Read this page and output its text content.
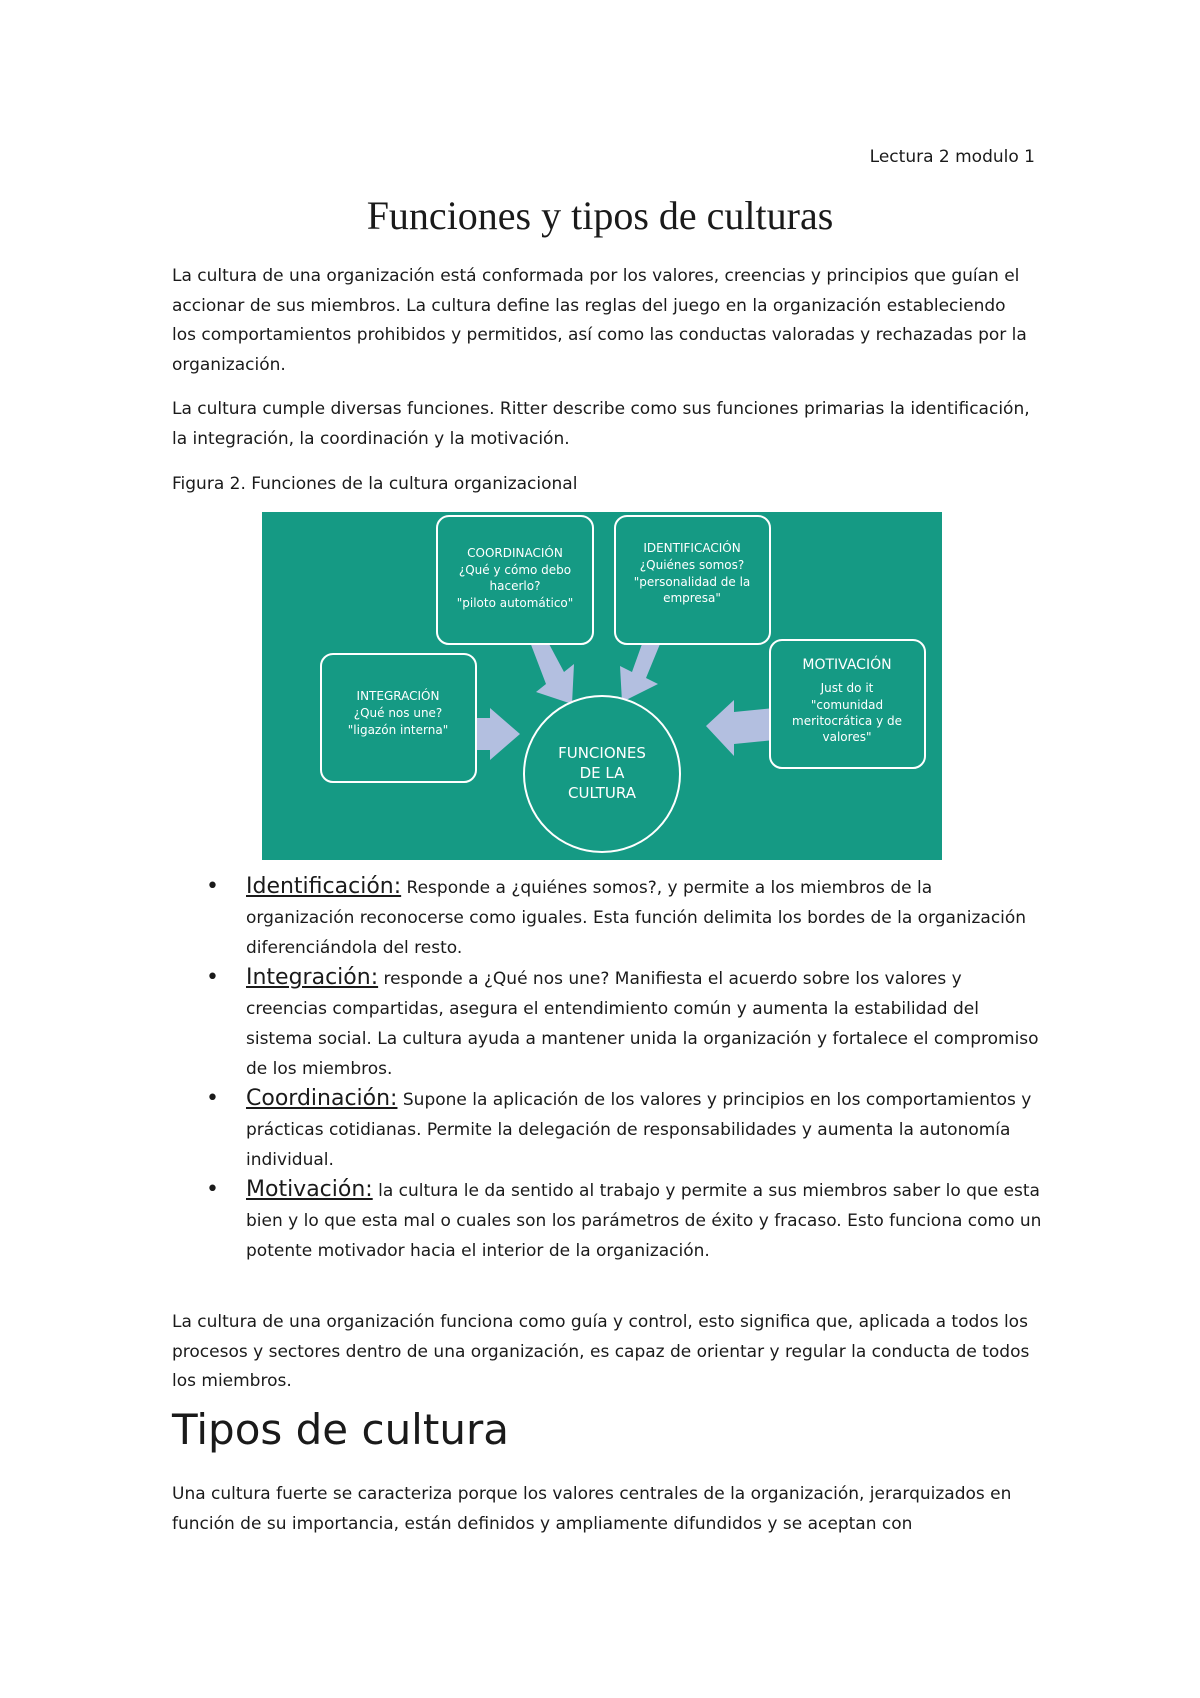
Lectura 2 modulo 1
Funciones y tipos de culturas

La cultura de una organización está conformada por los valores, creencias y principios que guían el accionar de sus miembros. La cultura define las reglas del juego en la organización estableciendo los comportamientos prohibidos y permitidos, así como las conductas valoradas y rechazadas por la organización.

La cultura cumple diversas funciones. Ritter describe como sus funciones primarias la identificación, la integración, la coordinación y la motivación.

Figura 2. Funciones de la cultura organizacional

COORDINACIÓN
¿Qué y cómo debo
hacerlo?
"piloto automático"
IDENTIFICACIÓN
¿Quiénes somos?
"personalidad de la
empresa"
INTEGRACIÓN
¿Qué nos une?
"ligazón interna"
MOTIVACIÓN
Just do it
"comunidad
meritocrática y de
valores"
FUNCIONES
DE LA
CULTURA
• Identificación: Responde a ¿quiénes somos?, y permite a los miembros de la organización reconocerse como iguales. Esta función delimita los bordes de la organización diferenciándola del resto.
• Integración: responde a ¿Qué nos une? Manifiesta el acuerdo sobre los valores y creencias compartidas, asegura el entendimiento común y aumenta la estabilidad del sistema social. La cultura ayuda a mantener unida la organización y fortalece el compromiso de los miembros.
• Coordinación: Supone la aplicación de los valores y principios en los comportamientos y prácticas cotidianas. Permite la delegación de responsabilidades y aumenta la autonomía individual.
• Motivación: la cultura le da sentido al trabajo y permite a sus miembros saber lo que esta bien y lo que esta mal o cuales son los parámetros de éxito y fracaso. Esto funciona como un potente motivador hacia el interior de la organización.

La cultura de una organización funciona como guía y control, esto significa que, aplicada a todos los procesos y sectores dentro de una organización, es capaz de orientar y regular la conducta de todos los miembros.

Tipos de cultura

Una cultura fuerte se caracteriza porque los valores centrales de la organización, jerarquizados en función de su importancia, están definidos y ampliamente difundidos y se aceptan con
